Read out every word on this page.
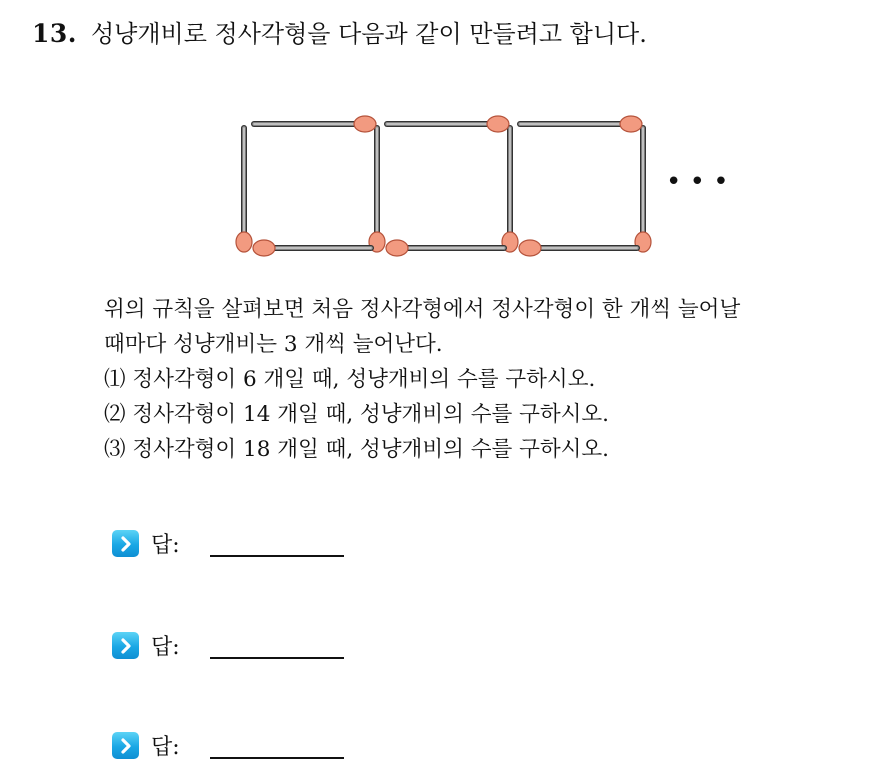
13. 성냥개비로 정사각형을 다음과 같이 만들려고 합니다.
• • •

위의 규칙을 살펴보면 처음 정사각형에서 정사각형이 한 개씩 늘어날

때마다 성냥개비는 3 개씩 늘어난다.

⑴ 정사각형이 6 개일 때, 성냥개비의 수를 구하시오.

⑵ 정사각형이 14 개일 때, 성냥개비의 수를 구하시오.

⑶ 정사각형이 18 개일 때, 성냥개비의 수를 구하시오.

답:
답:
답:
